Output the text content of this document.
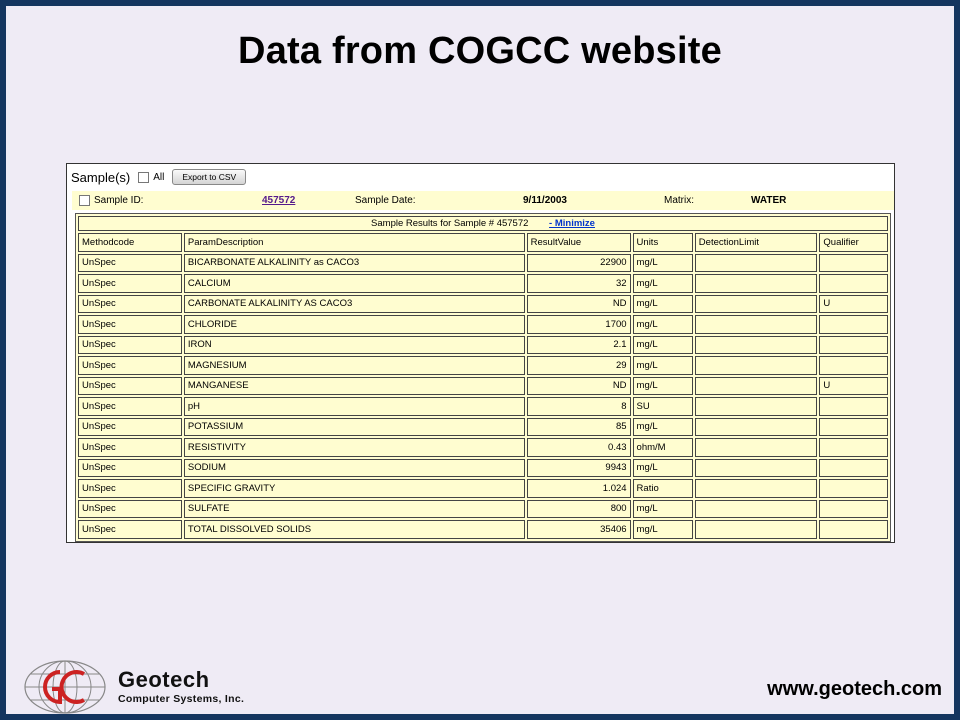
Data from COGCC website
Sample(s) All	Export to CSV
Sample ID:	457572	Sample Date:	9/11/2003	Matrix:	WATER
Sample Results for Sample # 457572 - Minimize					
Methodcode	ParamDescription	ResultValue	Units	DetectionLimit	Qualifier
UnSpec	BICARBONATE ALKALINITY as CACO3	22900	mg/L		
UnSpec	CALCIUM	32	mg/L		
UnSpec	CARBONATE ALKALINITY AS CACO3	ND	mg/L		U
UnSpec	CHLORIDE	1700	mg/L		
UnSpec	IRON	2.1	mg/L		
UnSpec	MAGNESIUM	29	mg/L		
UnSpec	MANGANESE	ND	mg/L		U
UnSpec	pH	8	SU		
UnSpec	POTASSIUM	85	mg/L		
UnSpec	RESISTIVITY	0.43	ohm/M		
UnSpec	SODIUM	9943	mg/L		
UnSpec	SPECIFIC GRAVITY	1.024	Ratio		
UnSpec	SULFATE	800	mg/L		
UnSpec	TOTAL DISSOLVED SOLIDS	35406	mg/L		
Geotech
Computer Systems, Inc.	www.geotech.com
